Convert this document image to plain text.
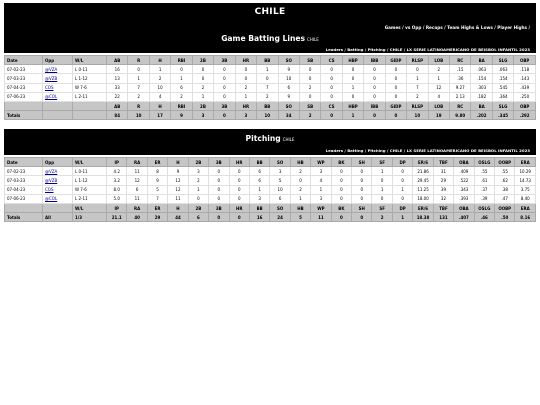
CHILE
Games / vs Opp / Recaps / Team Highs & Lows / Player Highs /
Game Batting Lines CHILE
Leaders / Batting / Pitching / CHILE / LX SERIE LATINOAMERICANO DE BEISBOL INFANTIL 2023
Date	Opp	W/L	AB	R	H	RBI	2B	3B	HR	BB	SO	SB	CS	HBP	IBB	GIDP	RLSP	LOB	RC	BA	SLG	OBP
07-02-23	@VZA	L 0-11	16	0	1	0	0	0	0	1	9	0	0	0	0	0	0	2	.15	.063	.063	.118
07-03-23	@VZB	L 1-12	13	1	2	1	0	0	0	0	10	0	0	0	0	0	1	1	.36	.154	.154	.143
07-04-23	COS	W 7-6	33	7	10	6	2	0	2	7	6	2	0	1	0	0	7	12	9.27	.303	.545	.439
07-06-23	@COL	L 2-11	22	2	4	2	1	0	1	2	9	0	0	0	0	0	2	4	2.13	.182	.364	.250
			AB	R	H	RBI	2B	3B	HR	BB	SO	SB	CS	HBP	IBB	GIDP	RLSP	LOB	RC	BA	SLG	OBP
Totals			84	10	17	9	3	0	3	10	34	2	0	1	0	0	10	19	9.80	.202	.345	.292
Pitching CHILE
Leaders / Batting / Pitching / CHILE / LX SERIE LATINOAMERICANO DE BEISBOL INFANTIL 2023
Date	Opp	W/L	IP	RA	ER	H	2B	3B	HR	BB	SO	HB	WP	BK	SH	SF	DP	ER/6	TBF	OBA	OSLG	OOBP	ERA
07-02-23	@VZA	L 0-11	4.2	11	8	9	3	0	0	6	3	2	3	0	0	1	0	21.86	31	.409	.55	.55	10.29
07-03-23	@VZB	L 1-12	3.2	12	9	12	2	0	0	6	5	0	4	0	0	0	0	29.45	29	.522	.61	.62	14.73
07-04-23	COS	W 7-6	8.0	6	5	12	1	0	0	1	10	2	1	0	0	1	1	11.25	39	.343	.37	.38	3.75
07-06-23	@COL	L 2-11	5.0	11	7	11	0	0	0	3	6	1	3	0	0	0	0	18.00	32	.393	.39	.47	8.40
		W/L	IP	RA	ER	H	2B	3B	HR	BB	SO	HB	WP	BK	SH	SF	DP	ER/6	TBF	OBA	OSLG	OOBP	ERA
Totals	All	1/3	21.1	40	29	44	6	0	0	16	24	5	11	0	0	2	1	18.38	131	.407	.46	.50	8.16
